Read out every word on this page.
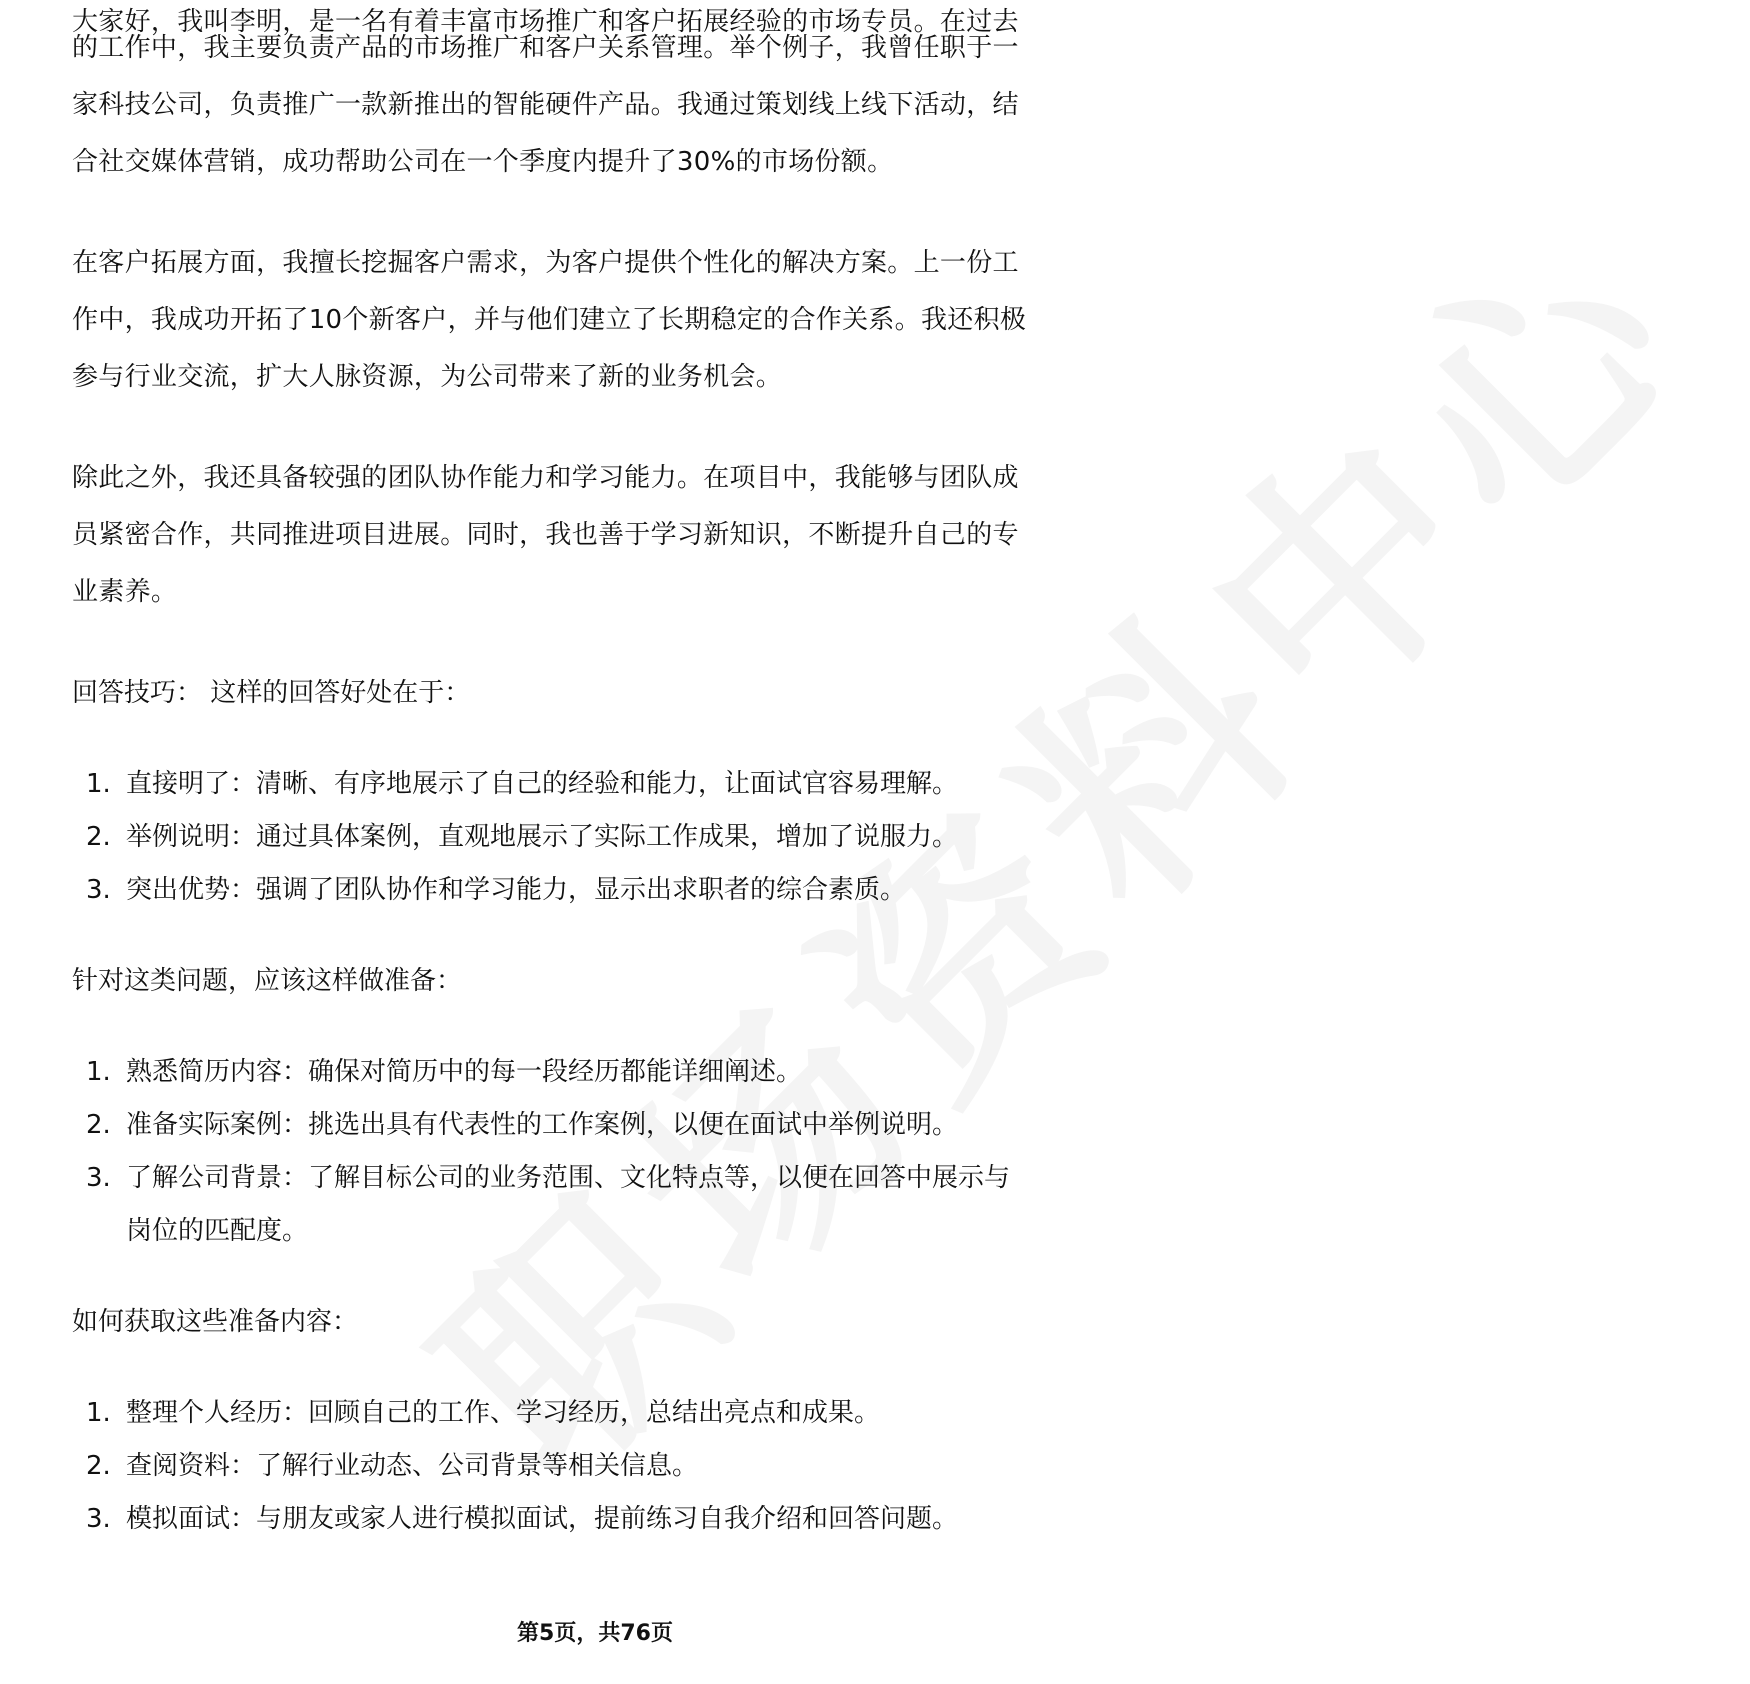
大家好，我叫李明，是一名有着丰富市场推广和客户拓展经验的市场专员。在过去

的工作中，我主要负责产品的市场推广和客户关系管理。举个例子，我曾任职于一

家科技公司，负责推广一款新推出的智能硬件产品。我通过策划线上线下活动，结

合社交媒体营销，成功帮助公司在一个季度内提升了30%的市场份额。

在客户拓展方面，我擅长挖掘客户需求，为客户提供个性化的解决方案。上一份工

作中，我成功开拓了10个新客户，并与他们建立了长期稳定的合作关系。我还积极

参与行业交流，扩大人脉资源，为公司带来了新的业务机会。

除此之外，我还具备较强的团队协作能力和学习能力。在项目中，我能够与团队成

员紧密合作，共同推进项目进展。同时，我也善于学习新知识，不断提升自己的专

业素养。

回答技巧： 这样的回答好处在于：

1. 直接明了：清晰、有序地展示了自己的经验和能力，让面试官容易理解。
2. 举例说明：通过具体案例，直观地展示了实际工作成果，增加了说服力。
3. 突出优势：强调了团队协作和学习能力，显示出求职者的综合素质。

针对这类问题，应该这样做准备：

1. 熟悉简历内容：确保对简历中的每一段经历都能详细阐述。
2. 准备实际案例：挑选出具有代表性的工作案例，以便在面试中举例说明。
3. 了解公司背景：了解目标公司的业务范围、文化特点等，以便在回答中展示与
岗位的匹配度。

如何获取这些准备内容：

1. 整理个人经历：回顾自己的工作、学习经历，总结出亮点和成果。
2. 查阅资料：了解行业动态、公司背景等相关信息。
3. 模拟面试：与朋友或家人进行模拟面试，提前练习自我介绍和回答问题。
第5页，共76页
